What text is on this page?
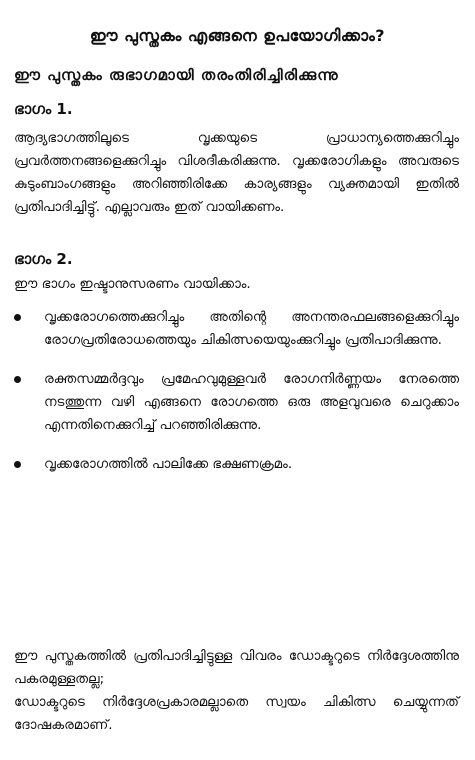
ഈ പുസ്തകം എങ്ങനെ ഉപയോഗിക്കാം?
ഈ പുസ്തകം രുഭാഗമായി തരംതിരിച്ചിരിക്കുന്നു
ഭാഗം 1.
ആദ്യഭാഗത്തിലൂടെ വൃക്കയുടെ പ്രാധാന്യത്തെക്കുറിച്ചും പ്രവർത്തനങ്ങളെക്കുറിച്ചും വിശദീകരിക്കുന്നു. വൃക്കരോഗികളും അവരുടെ കുടുംബാംഗങ്ങളും അറിഞ്ഞിരിക്കേ കാര്യങ്ങളും വ്യക്തമായി ഇതിൽ പ്രതിപാദിച്ചിട്ടു്. എല്ലാവരും ഇത് വായിക്കണം.
ഭാഗം 2.
ഈ ഭാഗം ഇഷ്ടാനുസരണം വായിക്കാം.
വൃക്കരോഗത്തെക്കുറിച്ചും അതിന്റെ അനന്തരഫലങ്ങളെക്കുറിച്ചും രോഗപ്രതിരോധത്തെയും ചികിത്സയെയുംക്കുറിച്ചും പ്രതിപാദിക്കുന്നു.
രക്തസമ്മർദ്ദവും പ്രമേഹവുമുള്ളവർ രോഗനിർണ്ണയം നേരത്തെ നടത്തുന്ന വഴി എങ്ങനെ രോഗത്തെ ഒരു അളവുവരെ ചെറുക്കാം എന്നതിനെക്കുറിച്ച് പറഞ്ഞിരിക്കുന്നു.
വൃക്കരോഗത്തിൽ പാലിക്കേ ഭക്ഷണക്രമം.
ഈ പുസ്തകത്തിൽ പ്രതിപാദിച്ചിട്ടുള്ള വിവരം ഡോക്ടറുടെ നിർദ്ദേശത്തിനു പകരമുള്ളതല്ല;
ഡോക്ടറുടെ നിർദ്ദേശപ്രകാരമല്ലാതെ സ്വയം ചികിത്സ ചെയ്യുന്നത് ദോഷകരമാണ്.
